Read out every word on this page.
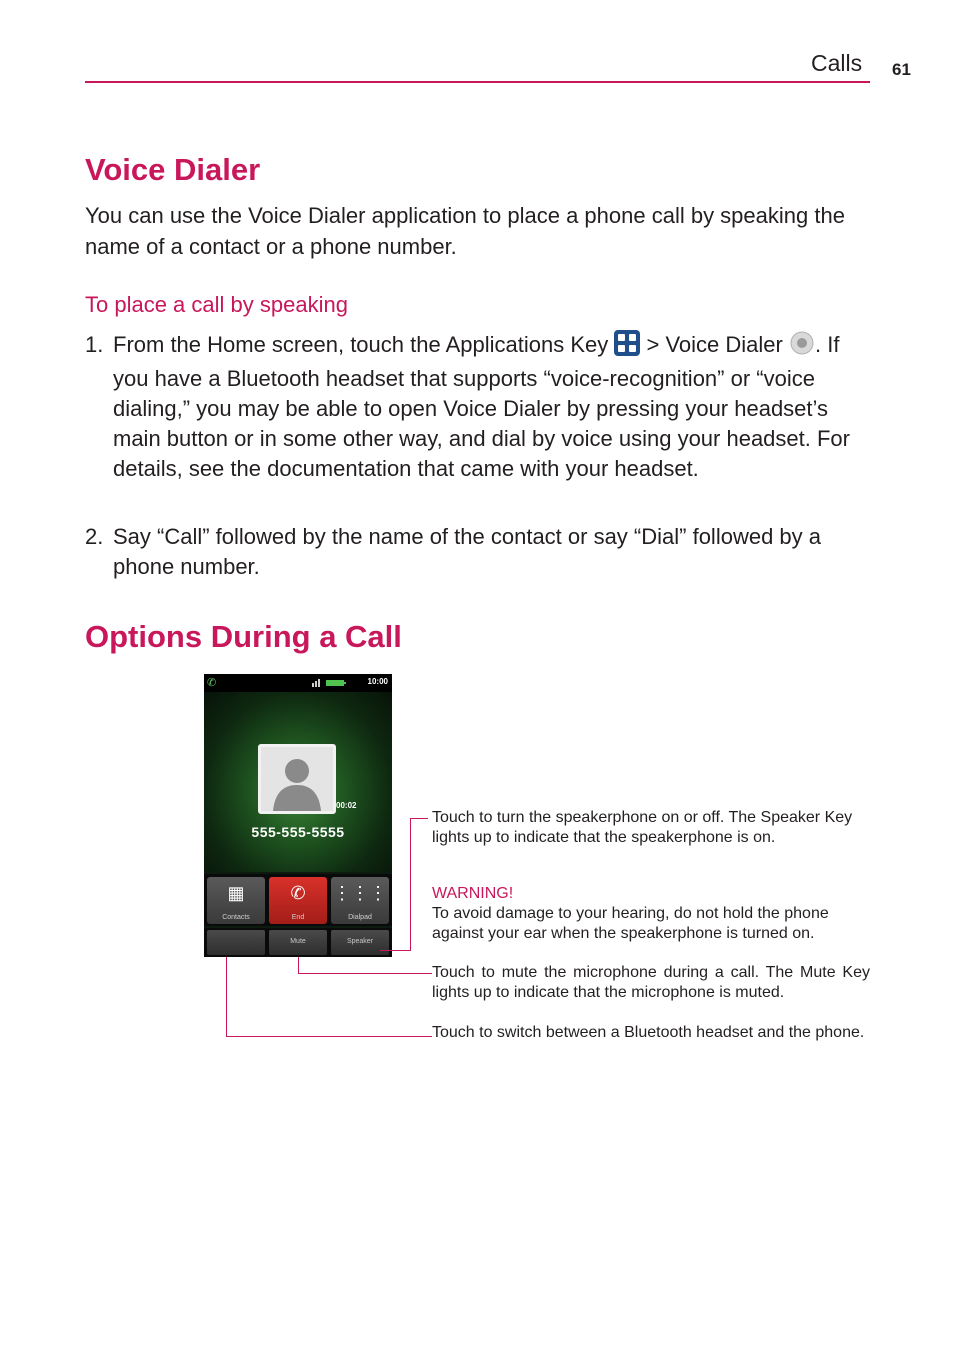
Calls 61
Voice Dialer
You can use the Voice Dialer application to place a phone call by speaking the name of a contact or a phone number.
To place a call by speaking
1. From the Home screen, touch the Applications Key  > Voice Dialer . If you have a Bluetooth headset that supports “voice-recognition” or “voice dialing,” you may be able to open Voice Dialer by pressing your headset’s main button or in some other way, and dial by voice using your headset. For details, see the documentation that came with your headset.
2. Say “Call” followed by the name of the contact or say “Dial” followed by a phone number.
Options During a Call
✆	10:00
00:02
555-555-5555
▦
Contacts
✆
End
⋮⋮⋮
Dialpad
Mute	Speaker
Touch to turn the speakerphone on or off. The Speaker Key lights up to indicate that the speakerphone is on.
WARNING!
To avoid damage to your hearing, do not hold the phone against your ear when the speakerphone is turned on.
Touch to mute the microphone during a call. The Mute Key lights up to indicate that the microphone is muted.
Touch to switch between a Bluetooth headset and the phone.
